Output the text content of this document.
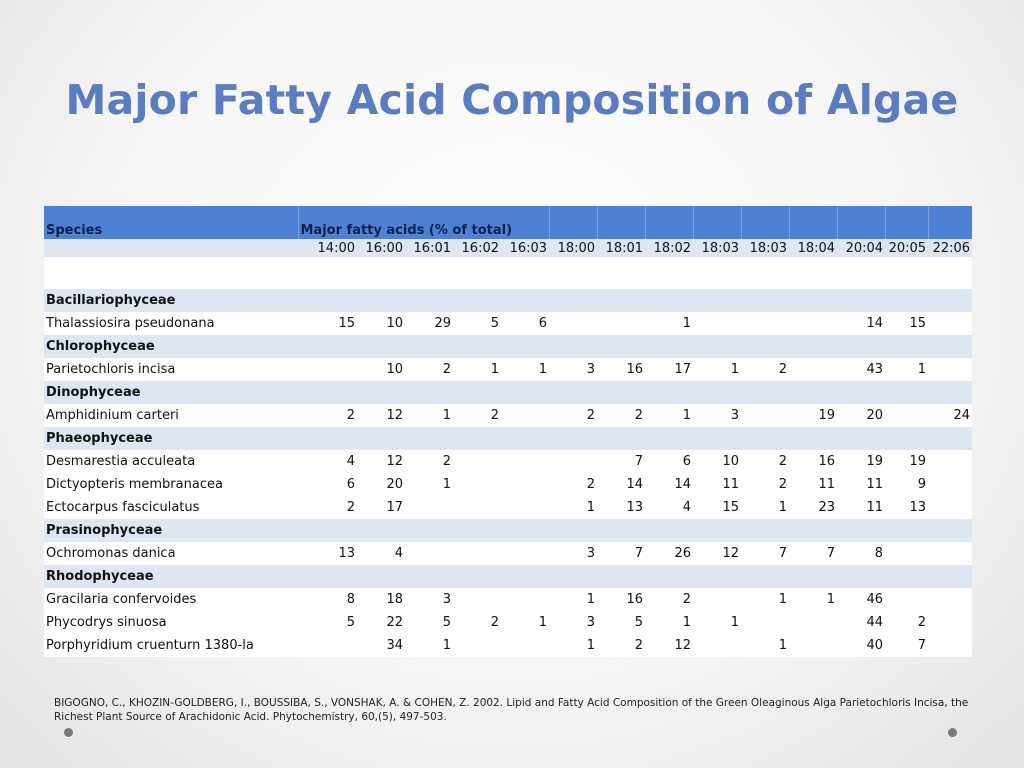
Major Fatty Acid Composition of Algae
Species	Major fatty acids (% of total)													
	14:00	16:00	16:01	16:02	16:03	18:00	18:01	18:02	18:03	18:03	18:04	20:04	20:05	22:06

Bacillariophyceae														
Thalassiosira pseudonana	15	10	29	5	6			1				14	15	
Chlorophyceae														
Parietochloris incisa		10	2	1	1	3	16	17	1	2		43	1	
Dinophyceae														
Amphidinium carteri	2	12	1	2		2	2	1	3		19	20		24
Phaeophyceae														
Desmarestia acculeata	4	12	2				7	6	10	2	16	19	19	
Dictyopteris membranacea	6	20	1			2	14	14	11	2	11	11	9	
Ectocarpus fasciculatus	2	17				1	13	4	15	1	23	11	13	
Prasinophyceae														
Ochromonas danica	13	4				3	7	26	12	7	7	8		
Rhodophyceae														
Gracilaria confervoides	8	18	3			1	16	2		1	1	46		
Phycodrys sinuosa	5	22	5	2	1	3	5	1	1			44	2	
Porphyridium cruenturn 1380-la		34	1			1	2	12		1		40	7	
BIGOGNO, C., KHOZIN-GOLDBERG, I., BOUSSIBA, S., VONSHAK, A. & COHEN, Z. 2002. Lipid and Fatty Acid Composition of the Green Oleaginous Alga Parietochloris Incisa, the Richest Plant Source of Arachidonic Acid. Phytochemistry, 60,(5), 497-503.
